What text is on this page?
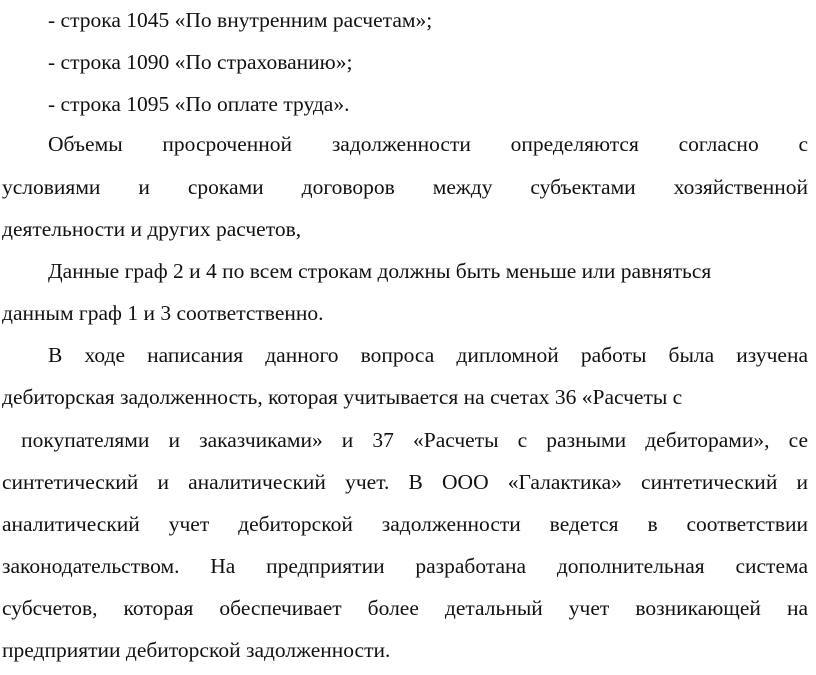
- строка 1045 «По внутренним расчетам»;
- строка 1090 «По страхованию»;
- строка 1095 «По оплате труда».
Объемы просроченной задолженности определяются согласно с
условиями и сроками договоров между субъектами хозяйственной
деятельности и других расчетов,
Данные граф 2 и 4 по всем строкам должны быть меньше или равняться
данным граф 1 и 3 соответственно.
В ходе написания данного вопроса дипломной работы была изучена
дебиторская задолженность, которая учитывается на счетах 36 «Расчеты с
покупателями и заказчиками» и 37 «Расчеты с разными дебиторами», се
синтетический и аналитический учет. В ООО «Галактика» синтетический и
аналитический учет дебиторской задолженности ведется в соответствии
законодательством. На предприятии разработана дополнительная система
субсчетов, которая обеспечивает более детальный учет возникающей на
предприятии дебиторской задолженности.
